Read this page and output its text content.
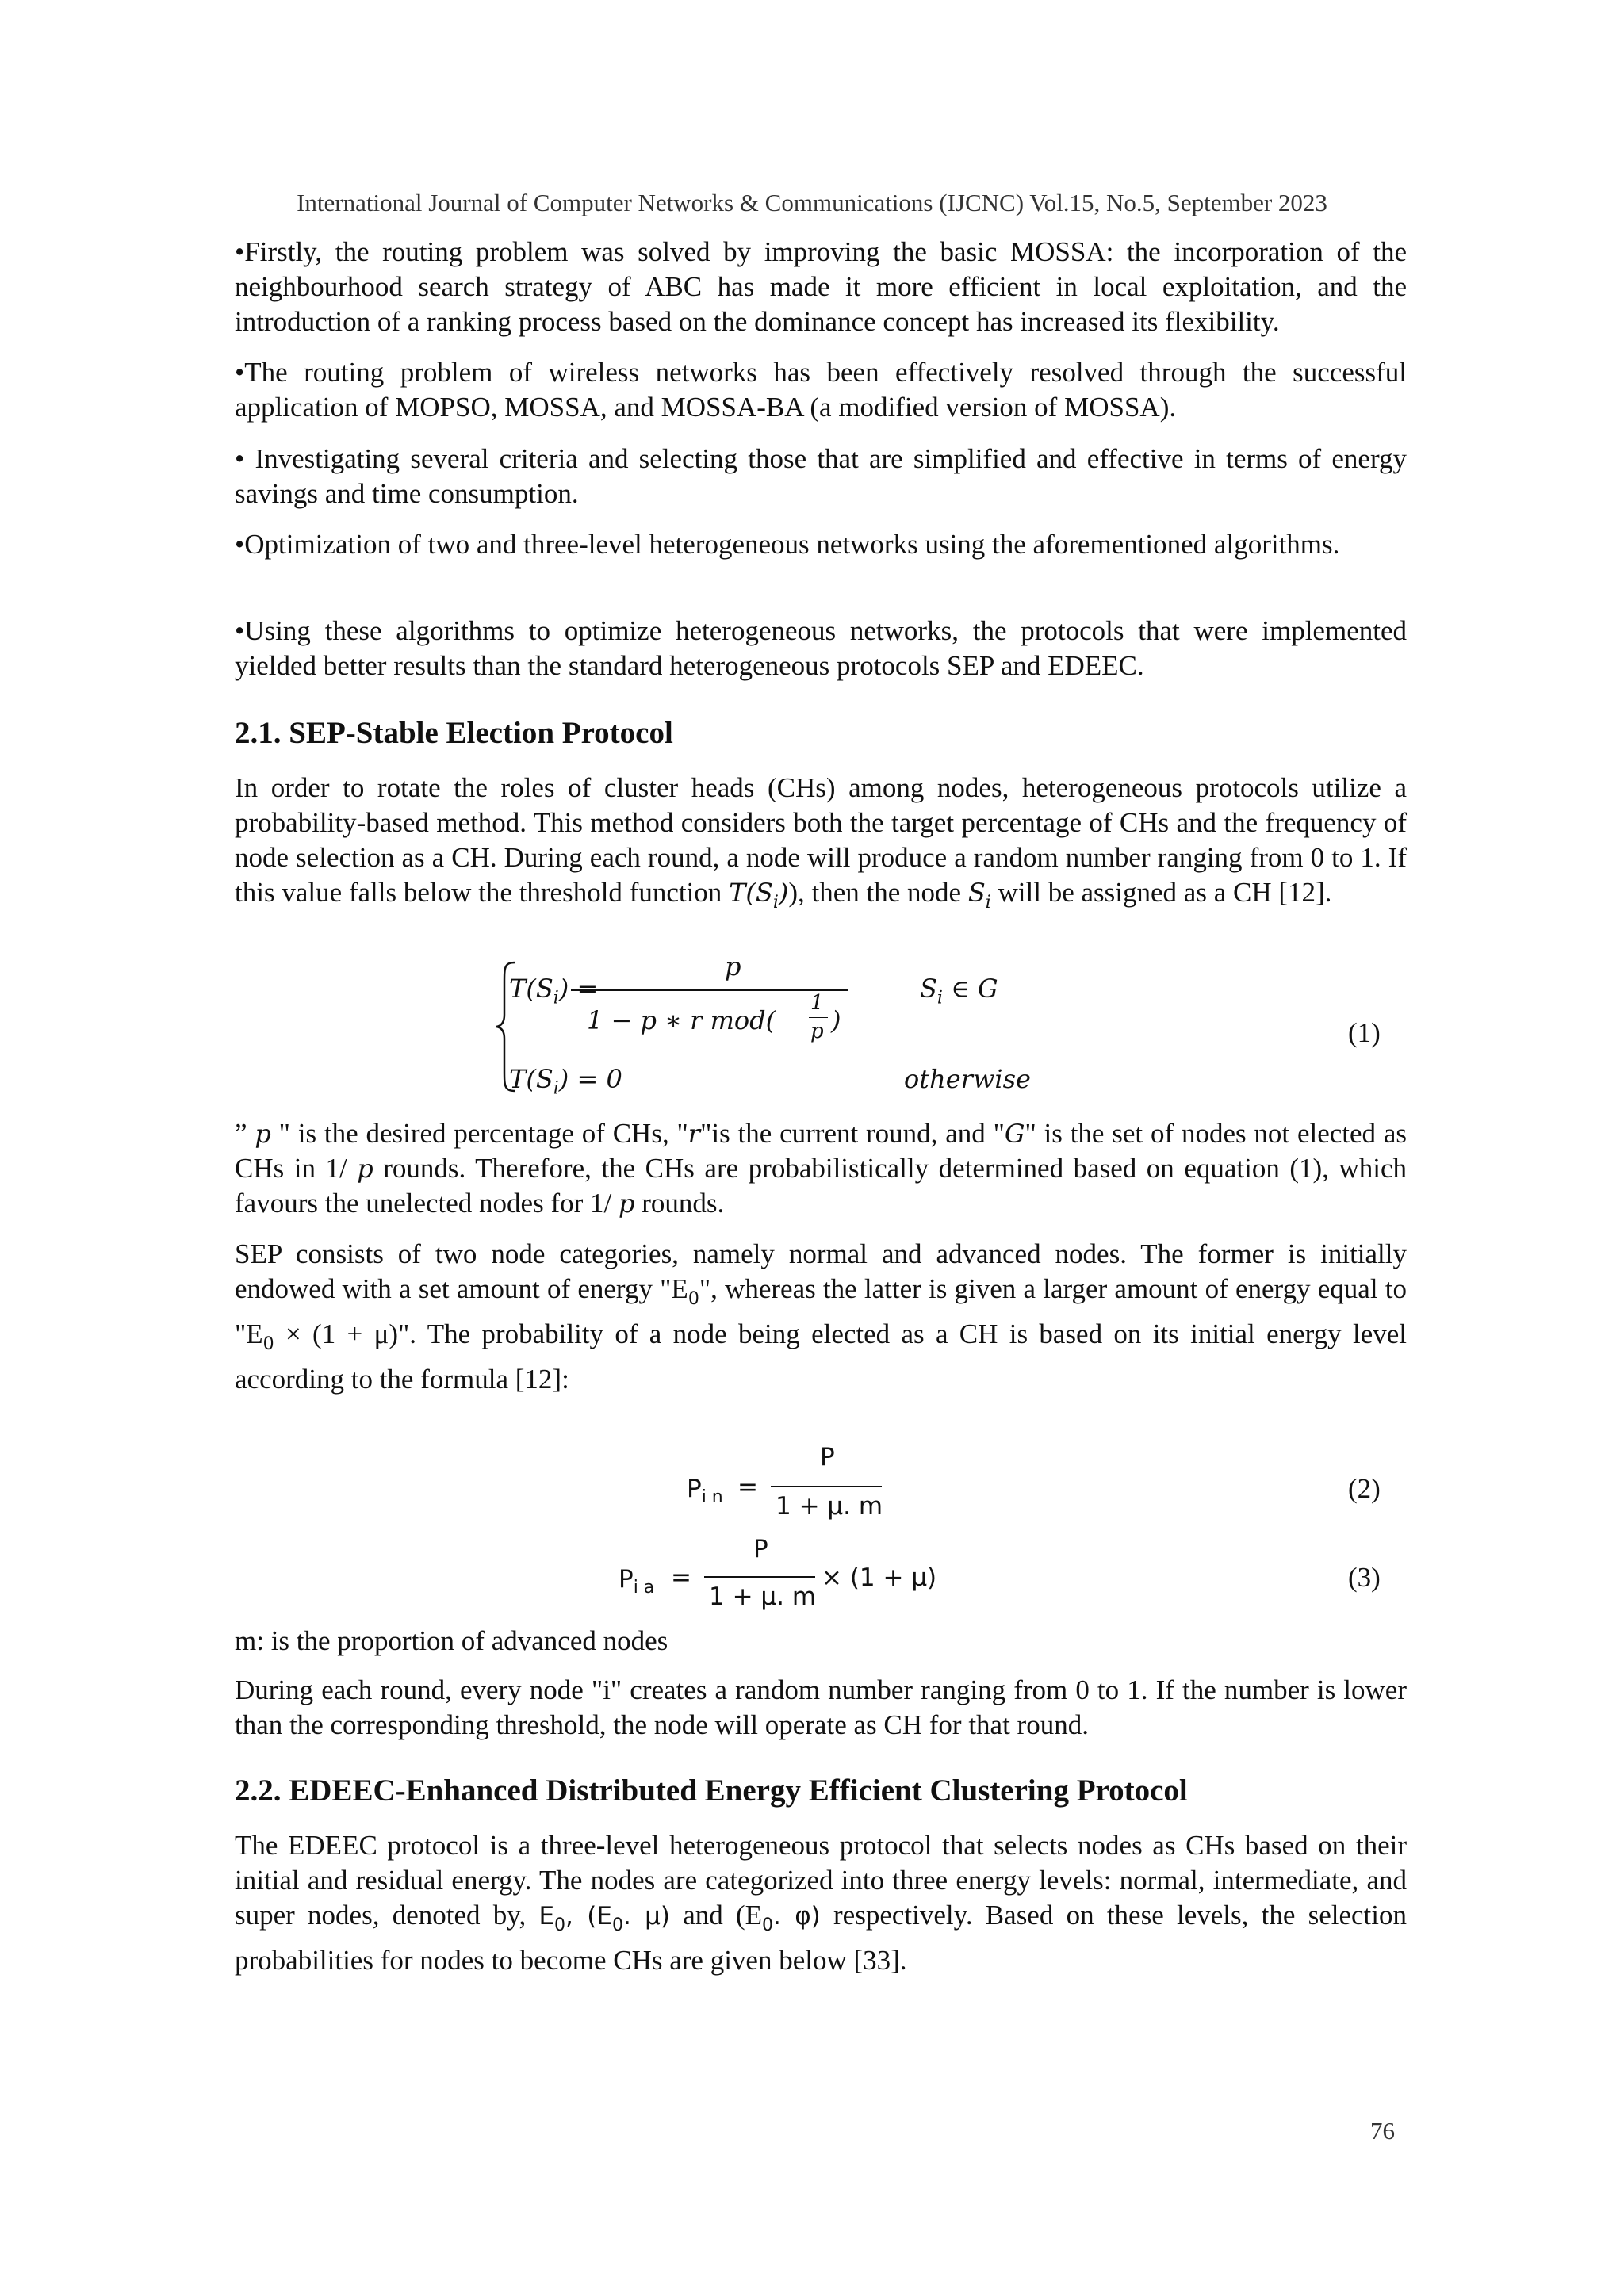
International Journal of Computer Networks & Communications (IJCNC) Vol.15, No.5, September 2023

•Firstly, the routing problem was solved by improving the basic MOSSA: the incorporation of the neighbourhood search strategy of ABC has made it more efficient in local exploitation, and the introduction of a ranking process based on the dominance concept has increased its flexibility.

•The routing problem of wireless networks has been effectively resolved through the successful application of MOPSO, MOSSA, and MOSSA-BA (a modified version of MOSSA).

• Investigating several criteria and selecting those that are simplified and effective in terms of energy savings and time consumption.

•Optimization of two and three-level heterogeneous networks using the aforementioned algorithms.

•Using these algorithms to optimize heterogeneous networks, the protocols that were implemented yielded better results than the standard heterogeneous protocols SEP and EDEEC.

2.1. SEP-Stable Election Protocol

In order to rotate the roles of cluster heads (CHs) among nodes, heterogeneous protocols utilize a probability-based method. This method considers both the target percentage of CHs and the frequency of node selection as a CH. During each round, a node will produce a random number ranging from 0 to 1. If this value falls below the threshold function $T(S_i)$), then the node $S_i$ will be assigned as a CH [12].

$T(S_i)$ =
p
1 − p ∗ r mod(
1
p )
$S_i$ ∈ G
$T(S_i) = 0$	otherwise
(1)

” p " is the desired percentage of CHs, "r"is the current round, and "G" is the set of nodes not elected as CHs in 1/ p rounds. Therefore, the CHs are probabilistically determined based on equation (1), which favours the unelected nodes for 1/ p rounds.

SEP consists of two node categories, namely normal and advanced nodes. The former is initially endowed with a set amount of energy "$E_0$", whereas the latter is given a larger amount of energy equal to "$E_0 \times (1 + \mu)$". The probability of a node being elected as a CH is based on its initial energy level according to the formula [12]:

$P_{i n}$ =
P
1 + μ. m
(2)
$P_{i a}$ =
P
1 + μ. m
× (1 + μ)	(3)

m: is the proportion of advanced nodes

During each round, every node "i" creates a random number ranging from 0 to 1. If the number is lower than the corresponding threshold, the node will operate as CH for that round.

2.2. EDEEC-Enhanced Distributed Energy Efficient Clustering Protocol

The EDEEC protocol is a three-level heterogeneous protocol that selects nodes as CHs based on their initial and residual energy. The nodes are categorized into three energy levels: normal, intermediate, and super nodes, denoted by, $E_0$, ($E_0$. μ) and ($E_0$. φ) respectively. Based on these levels, the selection probabilities for nodes to become CHs are given below [33].

76
